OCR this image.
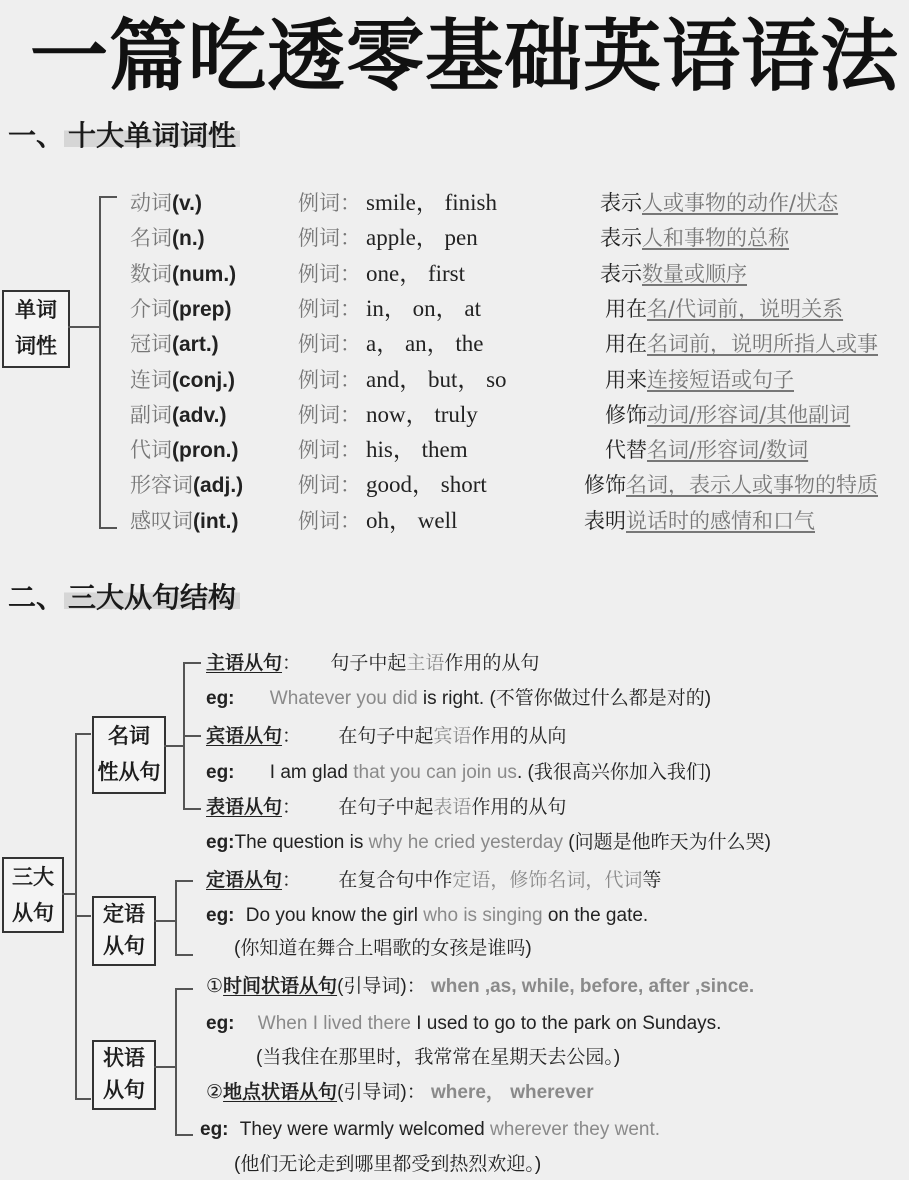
一篇吃透零基础英语语法
一、 十大单词词性
单词
词性
动词(v.)	例词： smile， finish	表示人或事物的动作/状态
名词(n.)	例词： apple， pen	表示人和事物的总称
数词(num.)	例词： one， first	表示数量或顺序
介词(prep)	例词： in， on， at	用在名/代词前，说明关系
冠词(art.)	例词： a， an， the	用在名词前，说明所指人或事
连词(conj.)	例词： and， but， so	用来连接短语或句子
副词(adv.)	例词： now， truly	修饰动词/形容词/其他副词
代词(pron.)	例词： his， them	代替名词/形容词/数词
形容词(adj.)	例词： good， short	修饰名词，表示人或事物的特质
感叹词(int.)	例词： oh， well	表明说话时的感情和口气
二、 三大从句结构
三大
从句
名词
性从句
定语
从句
状语
从句
主语从句： 句子中起主语作用的从句
eg: Whatever you did is right. (不管你做过什么都是对的)
宾语从句： 在句子中起宾语作用的从向
eg: I am glad that you can join us. (我很高兴你加入我们)
表语从句： 在句子中起表语作用的从句
eg:The question is why he cried yesterday (问题是他昨天为什么哭)
定语从句： 在复合句中作定语，修饰名词，代词等
eg: Do you know the girl who is singing on the gate.
(你知道在舞合上唱歌的女孩是谁吗)
①时间状语从句(引导词)： when ,as, while, before, after ,since.
eg: When I lived there I used to go to the park on Sundays.
(当我住在那里时，我常常在星期天去公园。)
②地点状语从句(引导词)： where， wherever
eg: They were warmly welcomed wherever they went.
(他们无论走到哪里都受到热烈欢迎。)
